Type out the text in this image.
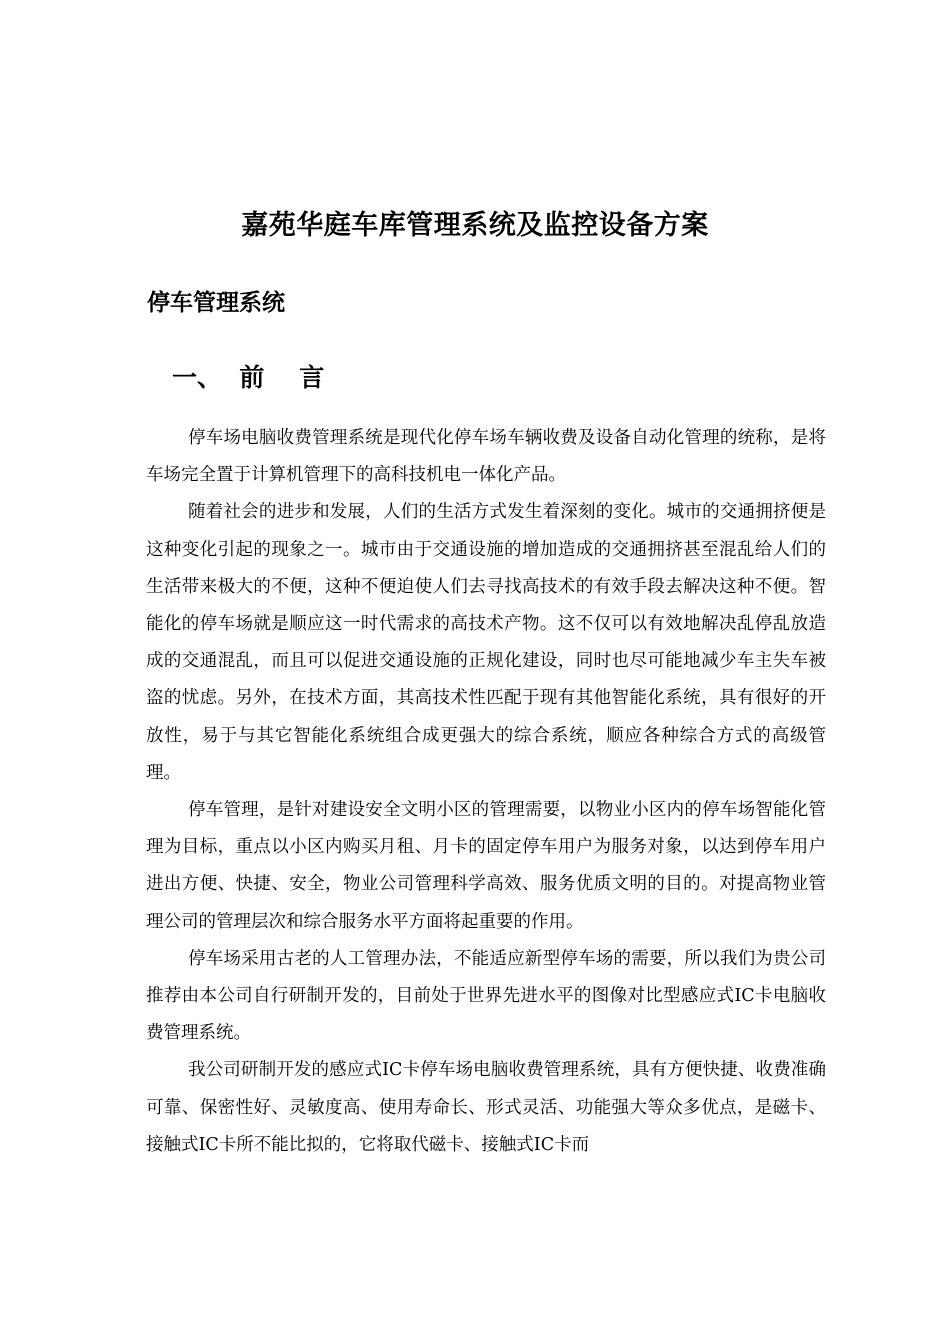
嘉苑华庭车库管理系统及监控设备方案
停车管理系统
一、  前    言

停车场电脑收费管理系统是现代化停车场车辆收费及设备自动化管理的统称，是将车场完全置于计算机管理下的高科技机电一体化产品。

随着社会的进步和发展，人们的生活方式发生着深刻的变化。城市的交通拥挤便是这种变化引起的现象之一。城市由于交通设施的增加造成的交通拥挤甚至混乱给人们的生活带来极大的不便，这种不便迫使人们去寻找高技术的有效手段去解决这种不便。智能化的停车场就是顺应这一时代需求的高技术产物。这不仅可以有效地解决乱停乱放造成的交通混乱，而且可以促进交通设施的正规化建设，同时也尽可能地减少车主失车被盗的忧虑。另外，在技术方面，其高技术性匹配于现有其他智能化系统，具有很好的开放性，易于与其它智能化系统组合成更强大的综合系统，顺应各种综合方式的高级管理。

停车管理，是针对建设安全文明小区的管理需要，以物业小区内的停车场智能化管理为目标，重点以小区内购买月租、月卡的固定停车用户为服务对象，以达到停车用户进出方便、快捷、安全，物业公司管理科学高效、服务优质文明的目的。对提高物业管理公司的管理层次和综合服务水平方面将起重要的作用。

停车场采用古老的人工管理办法，不能适应新型停车场的需要，所以我们为贵公司推荐由本公司自行研制开发的，目前处于世界先进水平的图像对比型感应式IC卡电脑收费管理系统。

我公司研制开发的感应式IC卡停车场电脑收费管理系统，具有方便快捷、收费准确可靠、保密性好、灵敏度高、使用寿命长、形式灵活、功能强大等众多优点，是磁卡、接触式IC卡所不能比拟的，它将取代磁卡、接触式IC卡而
